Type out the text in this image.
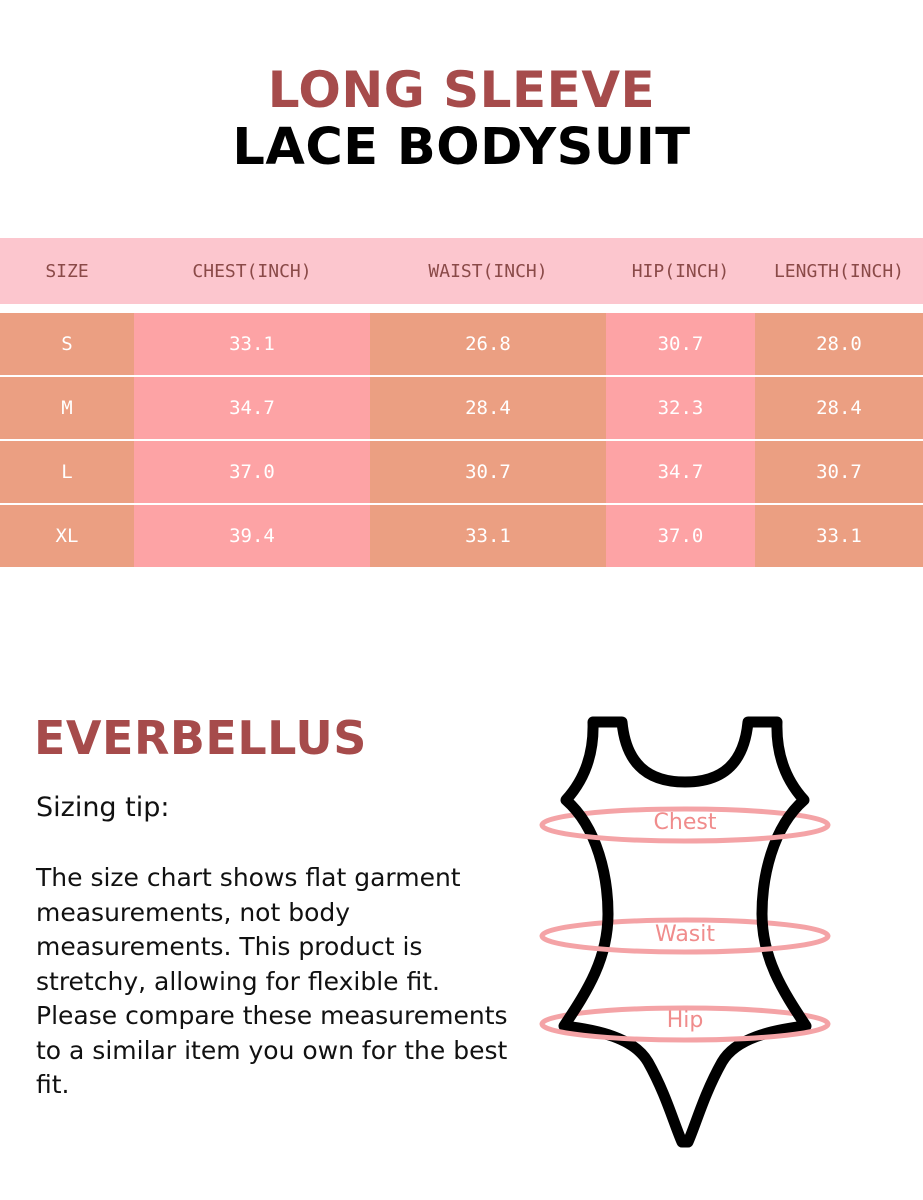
LONG SLEEVE
LACE BODYSUIT
SIZE	CHEST(INCH)	WAIST(INCH)	HIP(INCH)	LENGTH(INCH)
S	33.1	26.8	30.7	28.0
M	34.7	28.4	32.3	28.4
L	37.0	30.7	34.7	30.7
XL	39.4	33.1	37.0	33.1
EVERBELLUS

Sizing tip:

The size chart shows flat garment measurements, not body measurements. This product is stretchy, allowing for flexible fit. Please compare these measurements to a similar item you own for the best fit.

Chest
Wasit
Hip
